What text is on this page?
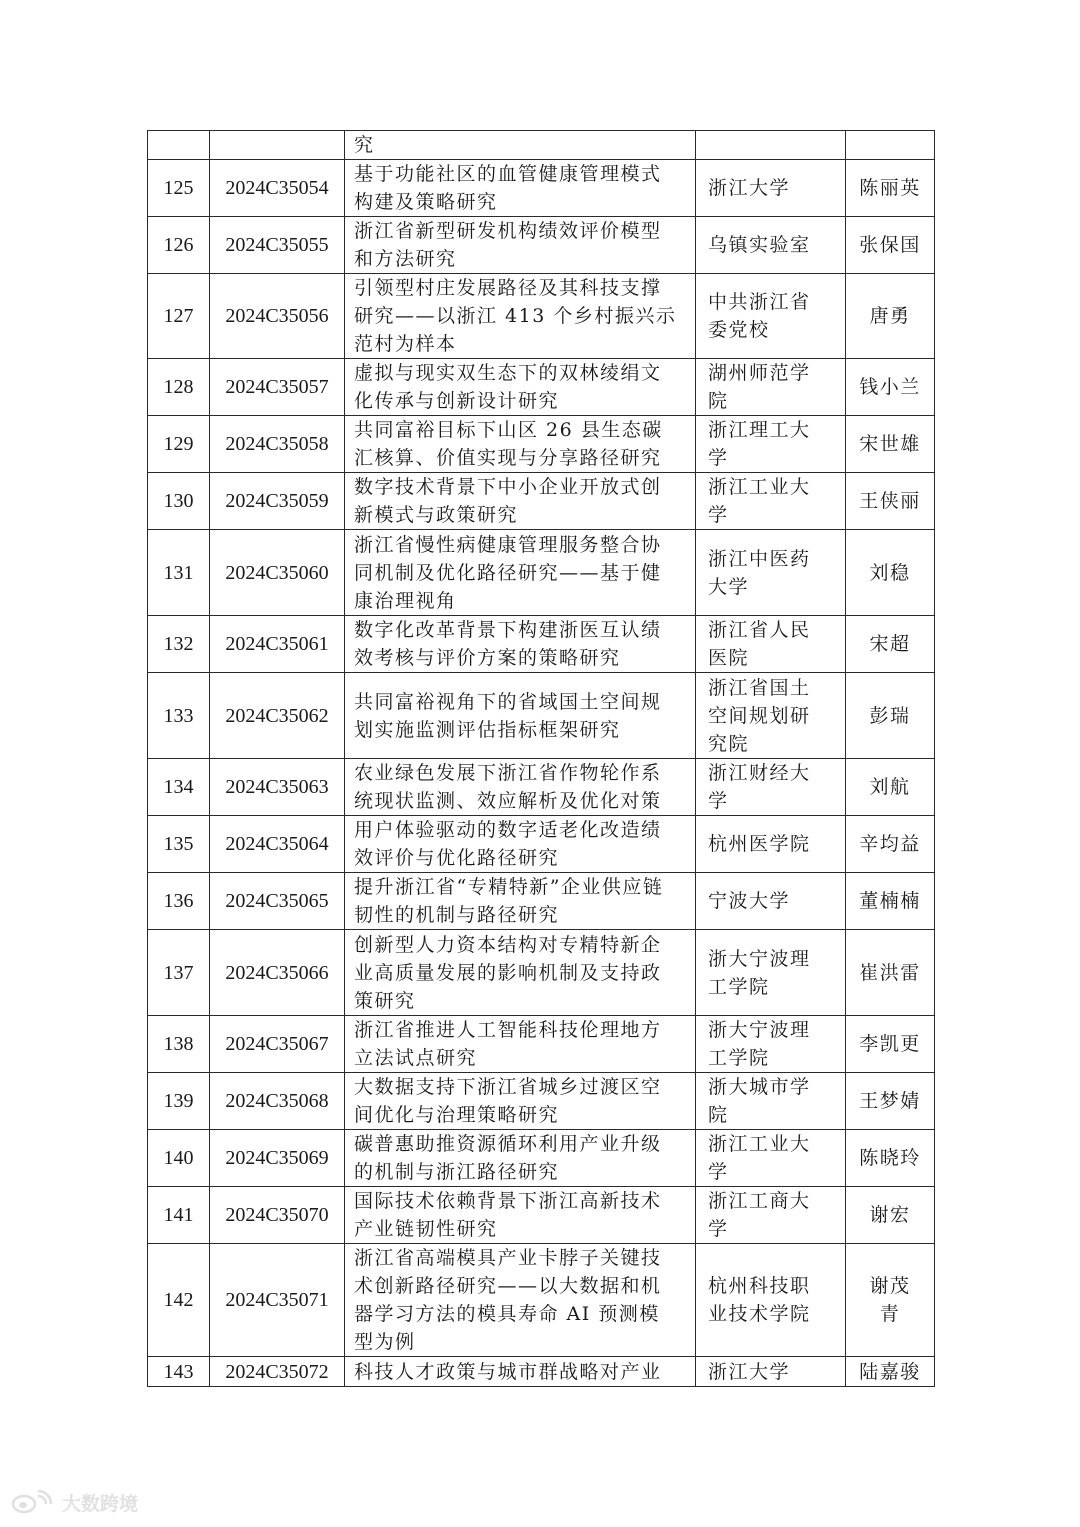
		究		

125	2024C35054	基于功能社区的血管健康管理模式
构建及策略研究	浙江大学	陈丽英
126	2024C35055	浙江省新型研发机构绩效评价模型
和方法研究	乌镇实验室	张保国
127	2024C35056	引领型村庄发展路径及其科技支撑
研究——以浙江 413 个乡村振兴示
范村为样本	中共浙江省
委党校	唐勇
128	2024C35057	虚拟与现实双生态下的双林绫绢文
化传承与创新设计研究	湖州师范学
院	钱小兰
129	2024C35058	共同富裕目标下山区 26 县生态碳
汇核算、价值实现与分享路径研究	浙江理工大
学	宋世雄
130	2024C35059	数字技术背景下中小企业开放式创
新模式与政策研究	浙江工业大
学	王侠丽
131	2024C35060	浙江省慢性病健康管理服务整合协
同机制及优化路径研究——基于健
康治理视角	浙江中医药
大学	刘稳
132	2024C35061	数字化改革背景下构建浙医互认绩
效考核与评价方案的策略研究	浙江省人民
医院	宋超
133	2024C35062	共同富裕视角下的省域国土空间规
划实施监测评估指标框架研究	浙江省国土
空间规划研
究院	彭瑞
134	2024C35063	农业绿色发展下浙江省作物轮作系
统现状监测、效应解析及优化对策	浙江财经大
学	刘航
135	2024C35064	用户体验驱动的数字适老化改造绩
效评价与优化路径研究	杭州医学院	辛均益
136	2024C35065	提升浙江省“专精特新”企业供应链
韧性的机制与路径研究	宁波大学	董楠楠
137	2024C35066	创新型人力资本结构对专精特新企
业高质量发展的影响机制及支持政
策研究	浙大宁波理
工学院	崔洪雷
138	2024C35067	浙江省推进人工智能科技伦理地方
立法试点研究	浙大宁波理
工学院	李凯更
139	2024C35068	大数据支持下浙江省城乡过渡区空
间优化与治理策略研究	浙大城市学
院	王梦婧
140	2024C35069	碳普惠助推资源循环利用产业升级
的机制与浙江路径研究	浙江工业大
学	陈晓玲
141	2024C35070	国际技术依赖背景下浙江高新技术
产业链韧性研究	浙江工商大
学	谢宏
142	2024C35071	浙江省高端模具产业卡脖子关键技
术创新路径研究——以大数据和机
器学习方法的模具寿命 AI 预测模
型为例	杭州科技职
业技术学院	谢茂
青
143	2024C35072	科技人才政策与城市群战略对产业	浙江大学	陆嘉骏
大数跨境
